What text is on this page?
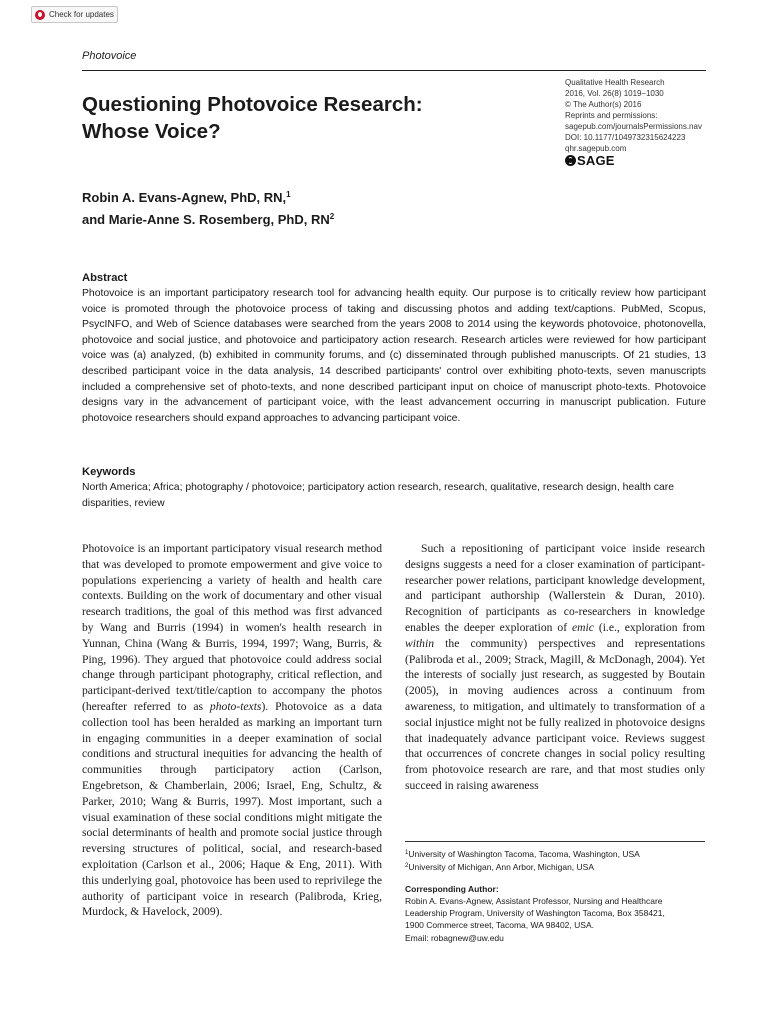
Check for updates
Photovoice
Qualitative Health Research
2016, Vol. 26(8) 1019–1030
© The Author(s) 2016
Reprints and permissions:
sagepub.com/journalsPermissions.nav
DOI: 10.1177/1049732315624223
qhr.sagepub.com
SAGE
Questioning Photovoice Research:
Whose Voice?
Robin A. Evans-Agnew, PhD, RN,$^1$
and Marie-Anne S. Rosemberg, PhD, $RN^2$
Abstract

Photovoice is an important participatory research tool for advancing health equity. Our purpose is to critically review how participant voice is promoted through the photovoice process of taking and discussing photos and adding text/captions. PubMed, Scopus, PsycINFO, and Web of Science databases were searched from the years 2008 to 2014 using the keywords photovoice, photonovella, photovoice and social justice, and photovoice and participatory action research. Research articles were reviewed for how participant voice was (a) analyzed, (b) exhibited in community forums, and (c) disseminated through published manuscripts. Of 21 studies, 13 described participant voice in the data analysis, 14 described participants' control over exhibiting photo-texts, seven manuscripts included a comprehensive set of photo-texts, and none described participant input on choice of manuscript photo-texts. Photovoice designs vary in the advancement of participant voice, with the least advancement occurring in manuscript publication. Future photovoice researchers should expand approaches to advancing participant voice.

Keywords

North America; Africa; photography / photovoice; participatory action research, research, qualitative, research design, health care disparities, review

Photovoice is an important participatory visual research method that was developed to promote empowerment and give voice to populations experiencing a variety of health and health care contexts. Building on the work of documentary and other visual research traditions, the goal of this method was first advanced by Wang and Burris (1994) in women's health research in Yunnan, China (Wang & Burris, 1994, 1997; Wang, Burris, & Ping, 1996). They argued that photovoice could address social change through participant photography, critical reflection, and participant-derived text/title/caption to accompany the photos (hereafter referred to as photo-texts). Photovoice as a data collection tool has been heralded as marking an important turn in engaging communities in a deeper examination of social conditions and structural inequities for advancing the health of communities through participatory action (Carlson, Engebretson, & Chamberlain, 2006; Israel, Eng, Schultz, & Parker, 2010; Wang & Burris, 1997). Most important, such a visual examination of these social conditions might mitigate the social determinants of health and promote social justice through reversing structures of political, social, and research-based exploitation (Carlson et al., 2006; Haque & Eng, 2011). With this underlying goal, photovoice has been used to reprivilege the authority of participant voice in research (Palibroda, Krieg, Murdock, & Havelock, 2009).

Such a repositioning of participant voice inside research designs suggests a need for a closer examination of participant-researcher power relations, participant knowledge development, and participant authorship (Wallerstein & Duran, 2010). Recognition of participants as co-researchers in knowledge enables the deeper exploration of emic (i.e., exploration from within the community) perspectives and representations (Palibroda et al., 2009; Strack, Magill, & McDonagh, 2004). Yet the interests of socially just research, as suggested by Boutain (2005), in moving audiences across a continuum from awareness, to mitigation, and ultimately to transformation of a social injustice might not be fully realized in photovoice designs that inadequately advance participant voice. Reviews suggest that occurrences of concrete changes in social policy resulting from photovoice research are rare, and that most studies only succeed in raising awareness

$^1$University of Washington Tacoma, Tacoma, Washington, USA
$^2$University of Michigan, Ann Arbor, Michigan, USA
Corresponding Author:
Robin A. Evans-Agnew, Assistant Professor, Nursing and Healthcare
Leadership Program, University of Washington Tacoma, Box 358421,
1900 Commerce street, Tacoma, WA 98402, USA.
Email: robagnew@uw.edu
